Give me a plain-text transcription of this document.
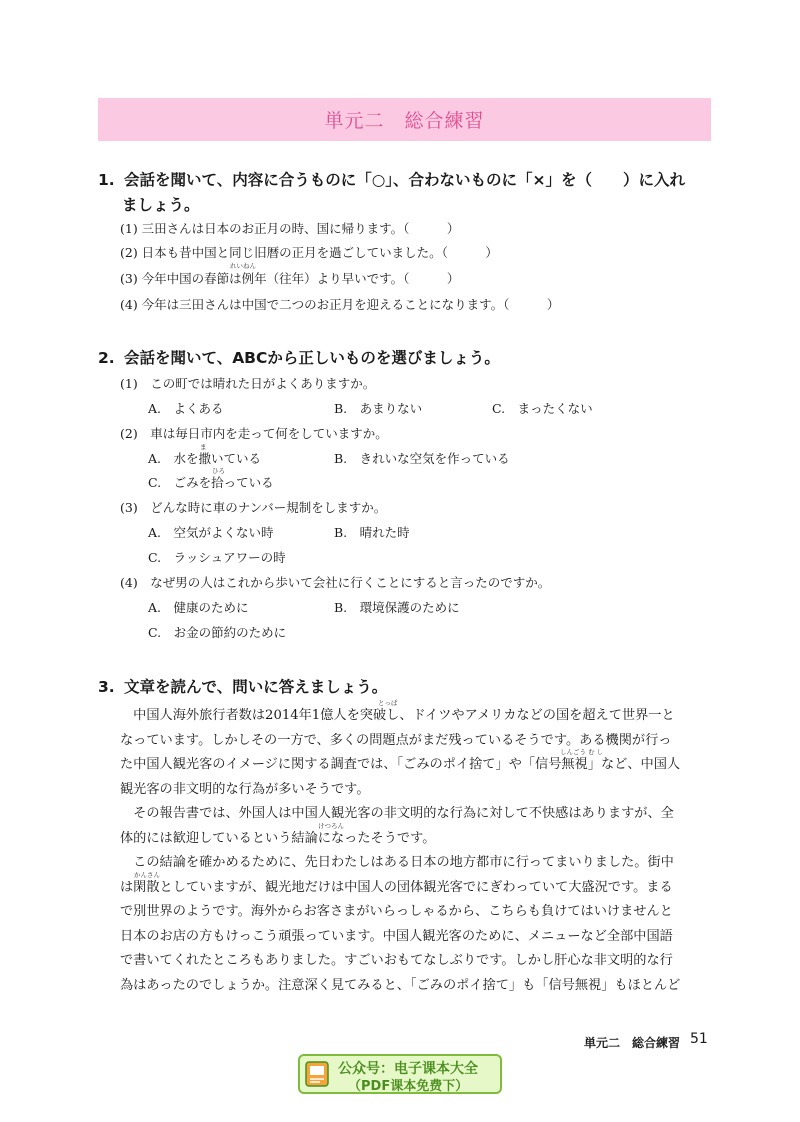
単元二　総合練習
1. 会話を聞いて、内容に合うものに「○」、合わないものに「×」を（　　）に入れ
ましょう。
(1) 三田さんは日本のお正月の時、国に帰ります。（　　　）
(2) 日本も昔中国と同じ旧暦の正月を過ごしていました。（　　　）
れいねん
(3) 今年中国の春節は例年（往年）より早いです。（　　　）
(4) 今年は三田さんは中国で二つのお正月を迎えることになります。（　　　）
2. 会話を聞いて、ABCから正しいものを選びましょう。
(1)　この町では晴れた日がよくありますか。
A.　よくある	B.　あまりない	C.　まったくない
(2)　車は毎日市内を走って何をしていますか。
ま
A.　水を撒いている	B.　きれいな空気を作っている
ひろ
C.　ごみを拾っている
(3)　どんな時に車のナンバー規制をしますか。
A.　空気がよくない時	B.　晴れた時
C.　ラッシュアワーの時
(4)　なぜ男の人はこれから歩いて会社に行くことにすると言ったのですか。
A.　健康のために	B.　環境保護のために
C.　お金の節約のために
3. 文章を読んで、問いに答えましょう。
とっぱ
しんごう む し
けつろん
かんさん
　中国人海外旅行者数は2014年1億人を突破し、ドイツやアメリカなどの国を超えて世界一と
なっています。しかしその一方で、多くの問題点がまだ残っているそうです。ある機関が行っ
た中国人観光客のイメージに関する調査では、「ごみのポイ捨て」や「信号無視」など、中国人
観光客の非文明的な行為が多いそうです。
　その報告書では、外国人は中国人観光客の非文明的な行為に対して不快感はありますが、全
体的には歓迎しているという結論になったそうです。
　この結論を確かめるために、先日わたしはある日本の地方都市に行ってまいりました。街中
は閑散としていますが、観光地だけは中国人の団体観光客でにぎわっていて大盛況です。まる
で別世界のようです。海外からお客さまがいらっしゃるから、こちらも負けてはいけませんと
日本のお店の方もけっこう頑張っています。中国人観光客のために、メニューなど全部中国語
で書いてくれたところもありました。すごいおもてなしぶりです。しかし肝心な非文明的な行
為はあったのでしょうか。注意深く見てみると、「ごみのポイ捨て」も「信号無視」もほとんど
単元二　総合練習 51
公众号：电子课本大全
（PDF课本免费下）
